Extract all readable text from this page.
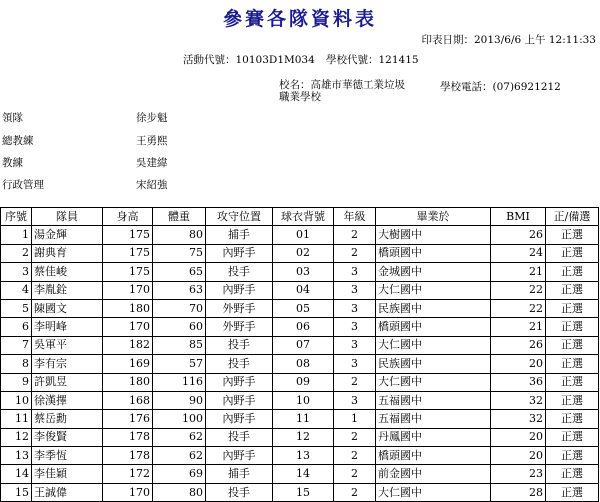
參賽各隊資料表
印表日期：2013/6/6 上午 12:11:33
活動代號：10103D1M034 學校代號：121415
校名：高雄市華德工業垃圾
職業學校
學校電話：(07)6921212
領隊	徐步魁
總教練	王勇熙
教練	吳建緯
行政管理	宋紹強
序號	隊員	身高	體重	攻守位置	球衣背號	年級	畢業於	BMI	正/備選
1	湯金輝	175	80	捕手	01	2	大樹國中	26	正選
2	謝典育	175	75	內野手	02	2	橋頭國中	24	正選
3	蔡佳峻	175	65	投手	03	3	金城國中	21	正選
4	李胤銓	170	63	內野手	04	3	大仁國中	22	正選
5	陳國文	180	70	外野手	05	3	民族國中	22	正選
6	李明峰	170	60	外野手	06	3	橋頭國中	21	正選
7	吳軍平	182	85	投手	07	3	大仁國中	26	正選
8	李有宗	169	57	投手	08	3	民族國中	20	正選
9	許凱昱	180	116	內野手	09	2	大仁國中	36	正選
10	徐漢擇	168	90	內野手	10	3	五福國中	32	正選
11	蔡岳勳	176	100	內野手	11	1	五福國中	32	正選
12	李俊賢	178	62	投手	12	2	丹鳳國中	20	正選
13	李季恆	178	62	內野手	13	2	橋頭國中	20	正選
14	李佳穎	172	69	捕手	14	2	前金國中	23	正選
15	王誠偉	170	80	投手	15	2	大仁國中	28	正選
